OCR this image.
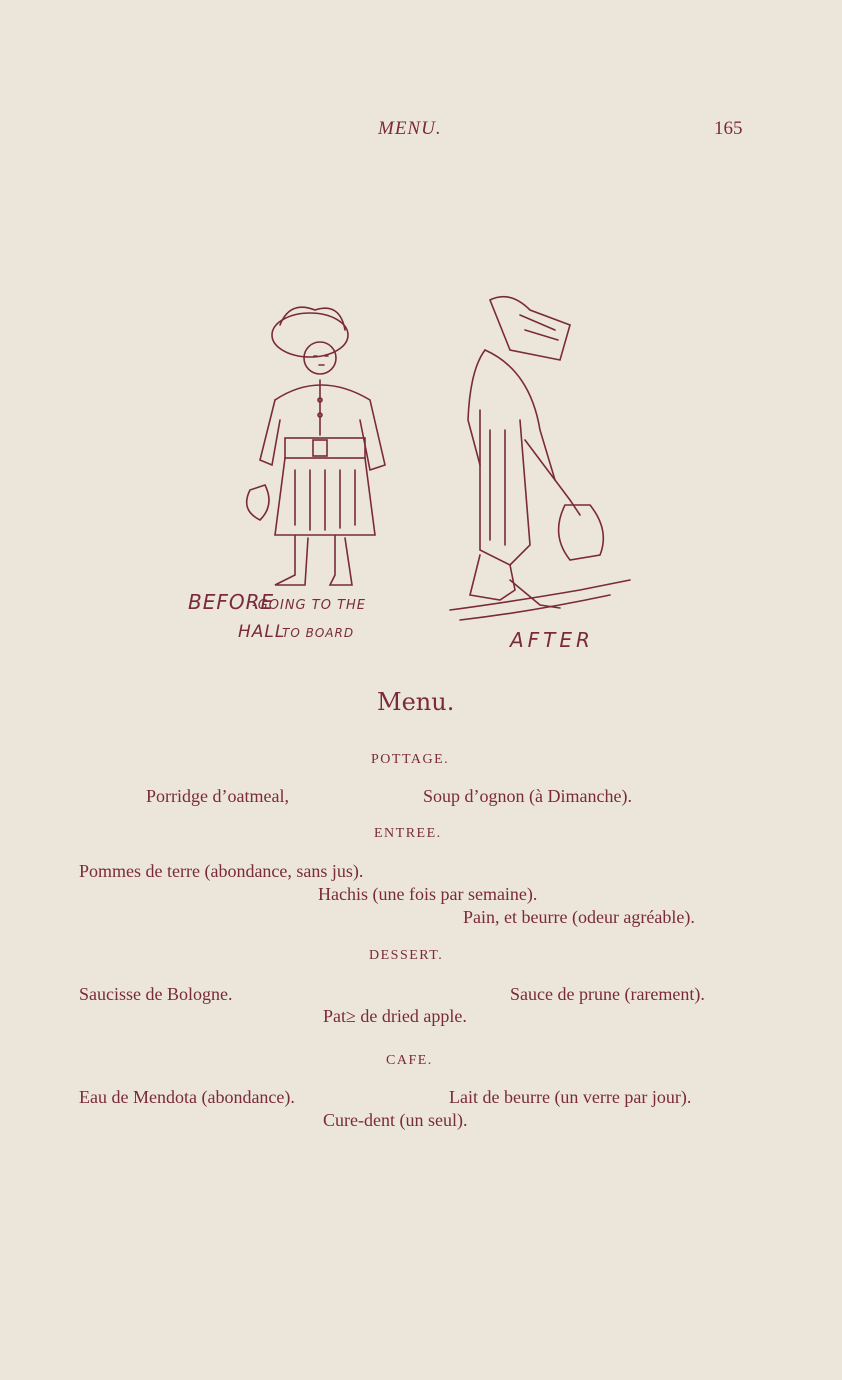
MENU.	165
BEFORE
-GOING TO THE
HALL
TO BOARD	AFTER
Menu.
POTTAGE.
Porridge d’oatmeal,	Soup d’ognon (à Dimanche).
ENTREE.
Pommes de terre (abondance, sans jus).
Hachis (une fois par semaine).
Pain, et beurre (odeur agréable).
DESSERT.
Saucisse de Bologne.	Sauce de prune (rarement).
Pat≥ de dried apple.
CAFE.
Eau de Mendota (abondance).	Lait de beurre (un verre par jour).
Cure-dent (un seul).
